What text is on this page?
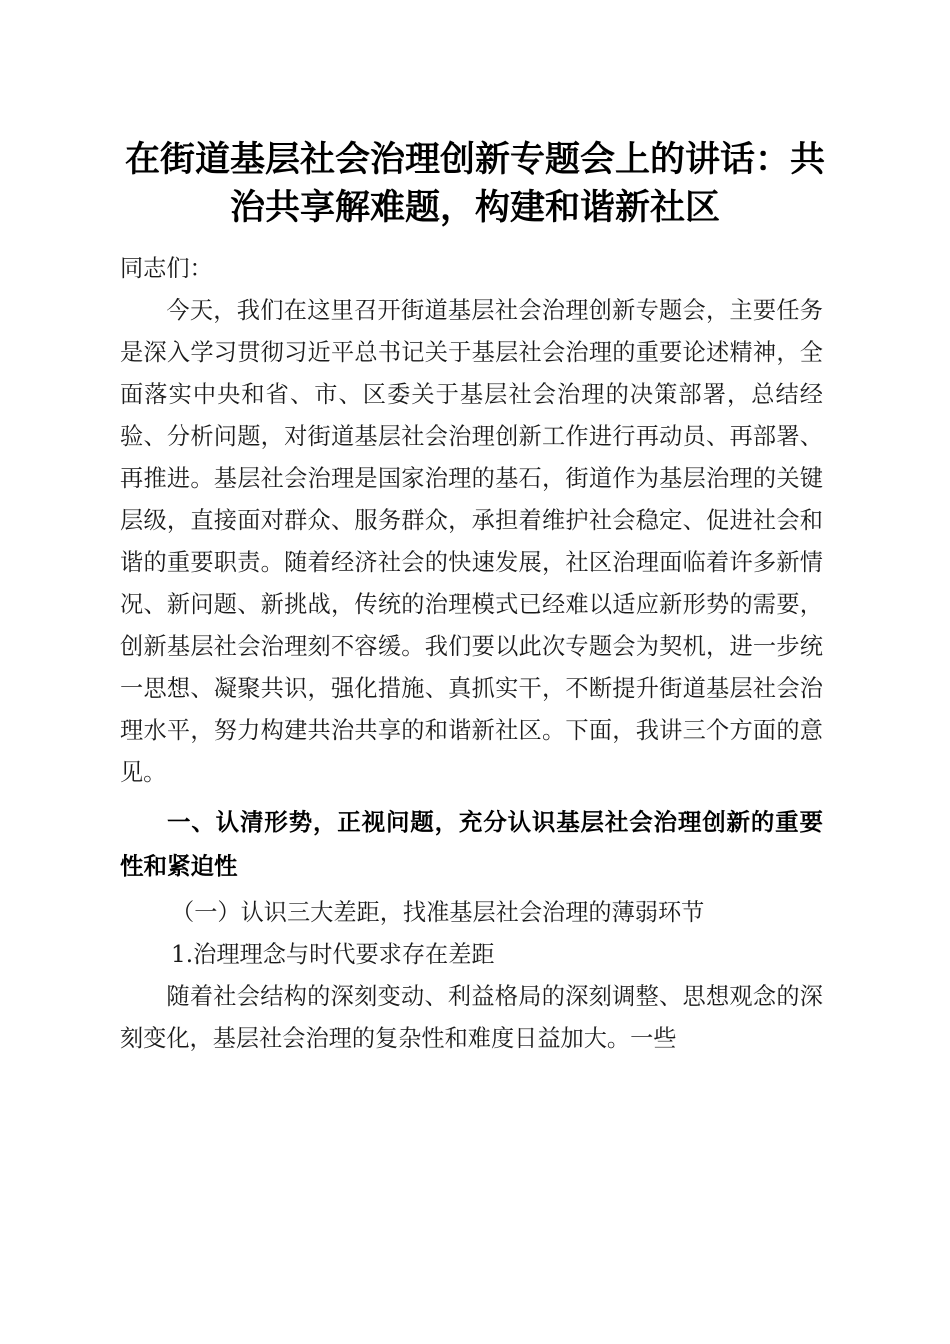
在街道基层社会治理创新专题会上的讲话：共
治共享解难题，构建和谐新社区

同志们：

今天，我们在这里召开街道基层社会治理创新专题会，主要任务是深入学习贯彻习近平总书记关于基层社会治理的重要论述精神，全面落实中央和省、市、区委关于基层社会治理的决策部署，总结经验、分析问题，对街道基层社会治理创新工作进行再动员、再部署、再推进。基层社会治理是国家治理的基石，街道作为基层治理的关键层级，直接面对群众、服务群众，承担着维护社会稳定、促进社会和谐的重要职责。随着经济社会的快速发展，社区治理面临着许多新情况、新问题、新挑战，传统的治理模式已经难以适应新形势的需要，创新基层社会治理刻不容缓。我们要以此次专题会为契机，进一步统一思想、凝聚共识，强化措施、真抓实干，不断提升街道基层社会治理水平，努力构建共治共享的和谐新社区。下面，我讲三个方面的意见。

一、认清形势，正视问题，充分认识基层社会治理创新的重要性和紧迫性

（一）认识三大差距，找准基层社会治理的薄弱环节

1.治理理念与时代要求存在差距

随着社会结构的深刻变动、利益格局的深刻调整、思想观念的深刻变化，基层社会治理的复杂性和难度日益加大。一些
